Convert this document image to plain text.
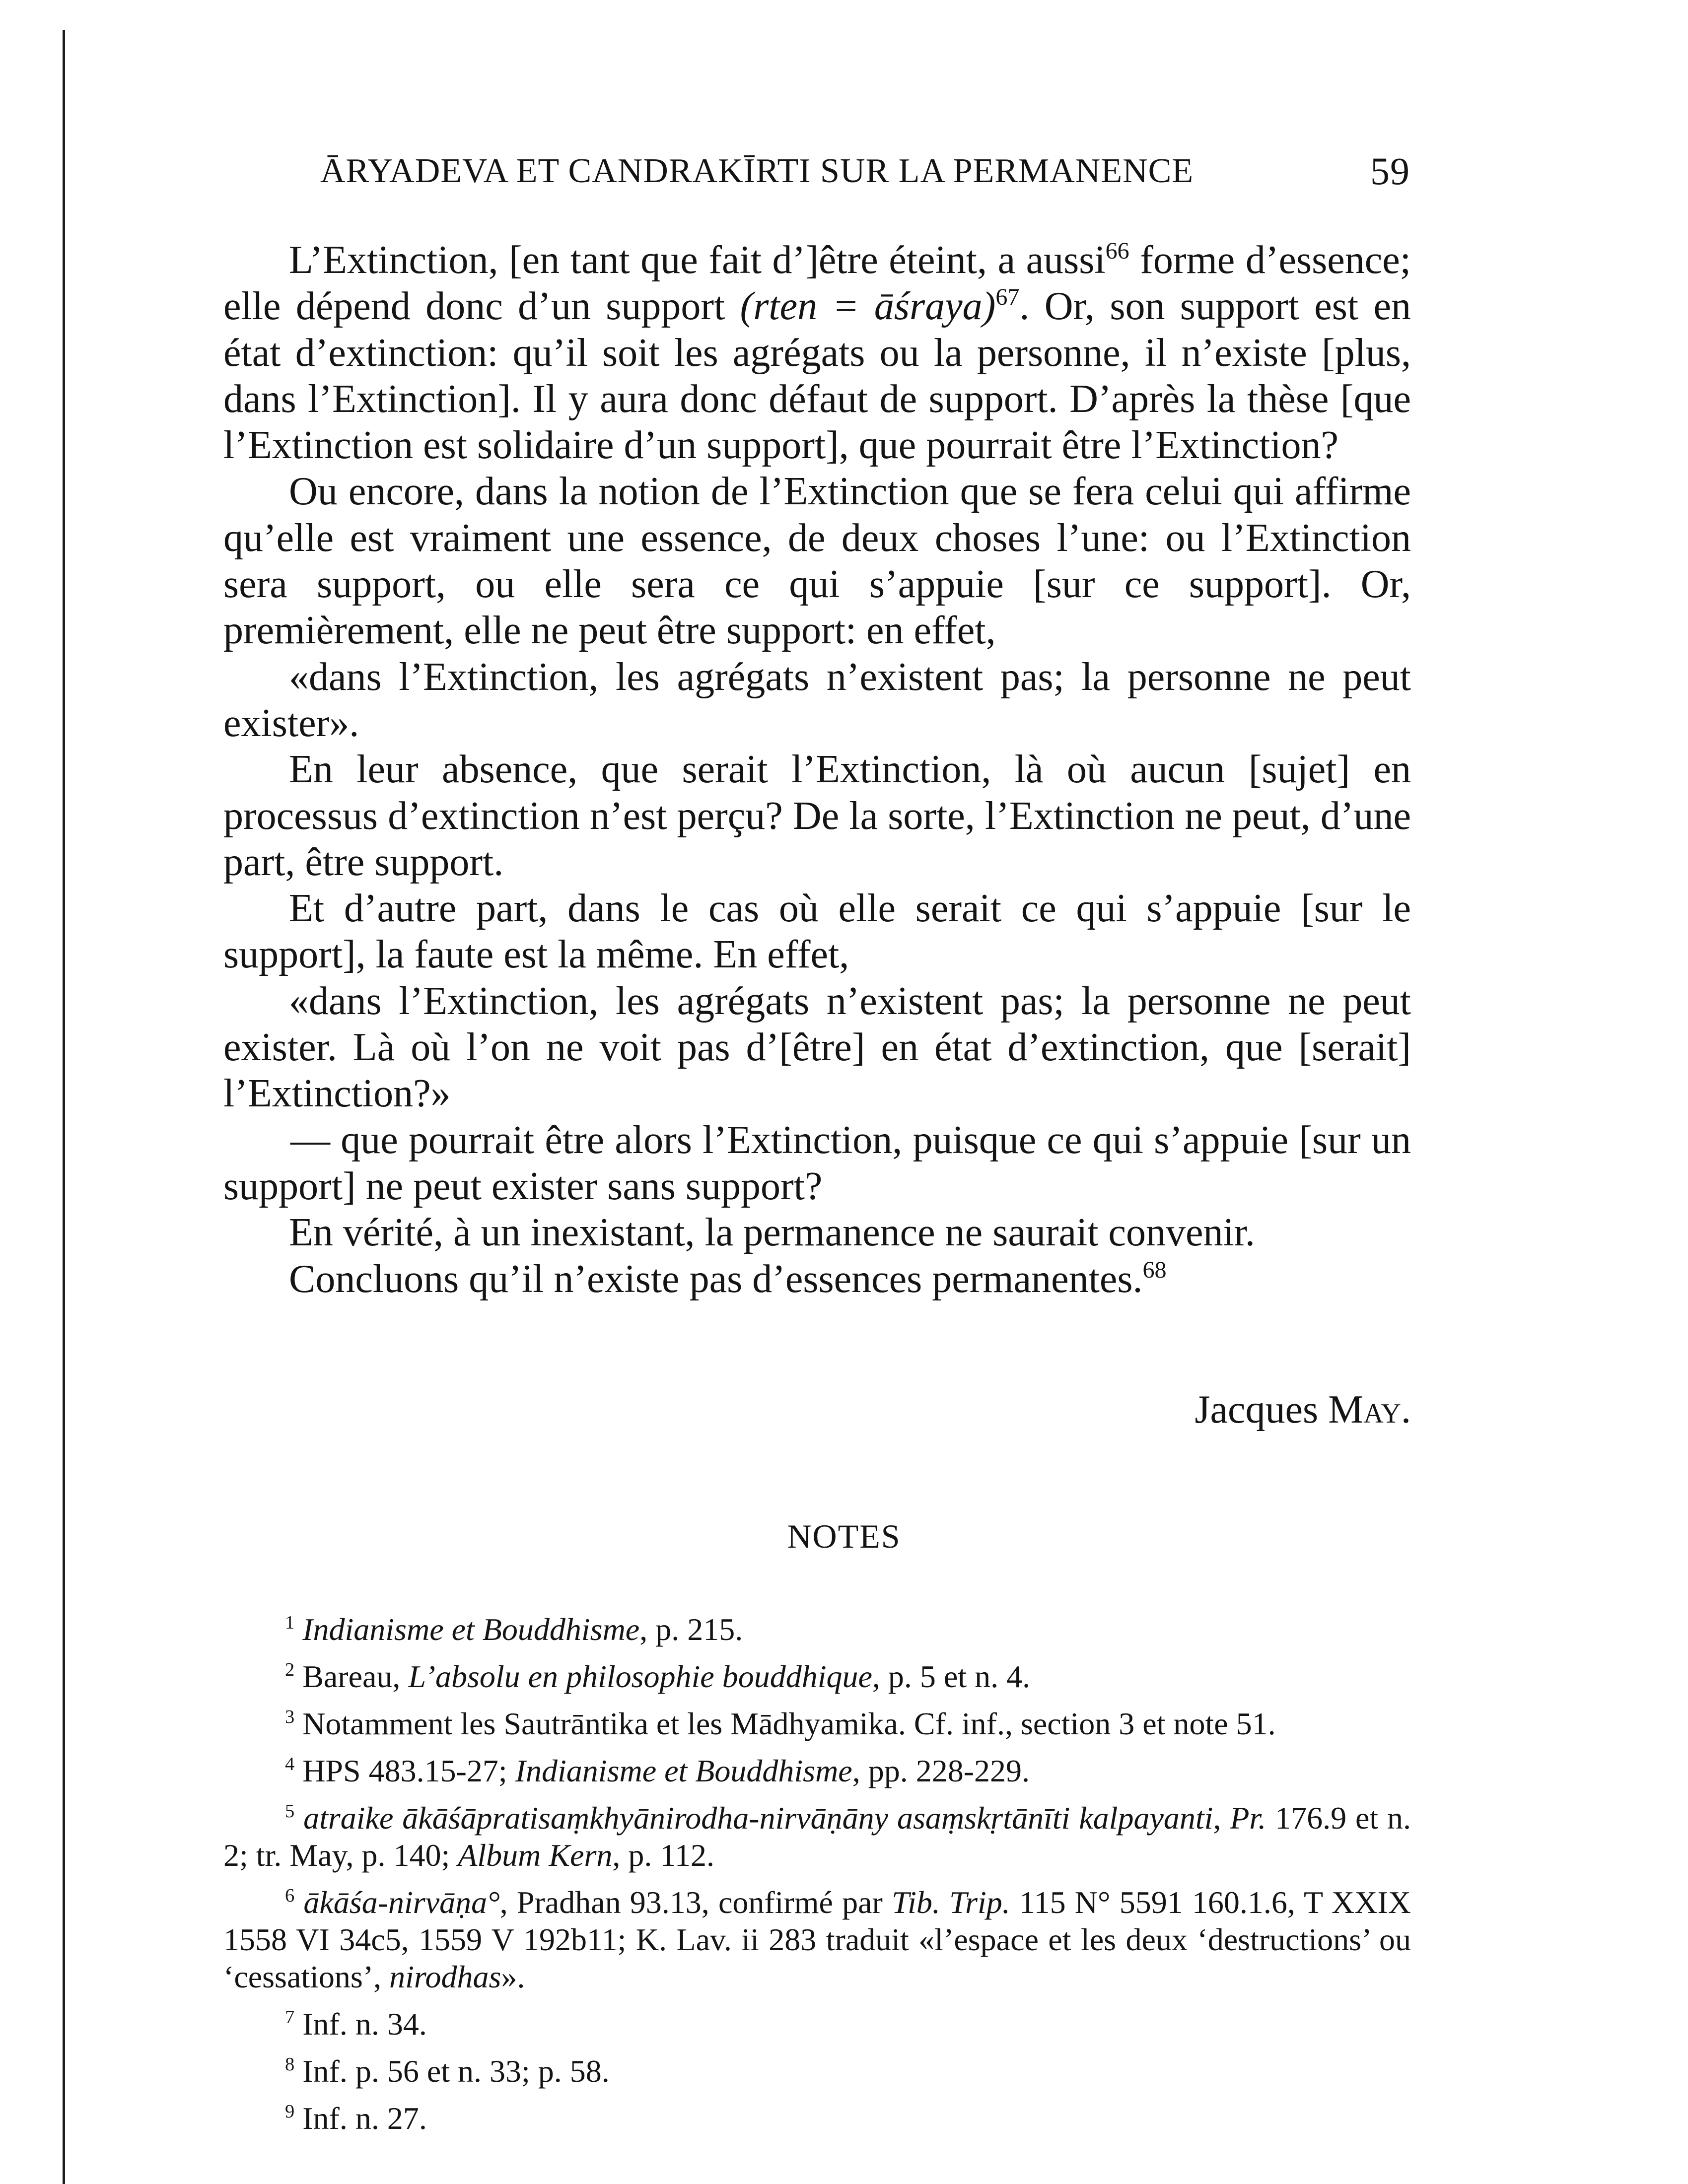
ĀRYADEVA ET CANDRAKĪRTI SUR LA PERMANENCE	59

L’Extinction, [en tant que fait d’]être éteint, a aussi$^{66}$ forme d’essence; elle dépend donc d’un support (rten = āśraya)$^{67}$. Or, son support est en état d’extinction: qu’il soit les agrégats ou la personne, il n’existe [plus, dans l’Extinction]. Il y aura donc défaut de support. D’après la thèse [que l’Extinction est solidaire d’un support], que pourrait être l’Extinction?

Ou encore, dans la notion de l’Extinction que se fera celui qui affirme qu’elle est vraiment une essence, de deux choses l’une: ou l’Extinction sera support, ou elle sera ce qui s’appuie [sur ce support]. Or, premièrement, elle ne peut être support: en effet,

«dans l’Extinction, les agrégats n’existent pas; la personne ne peut exister».

En leur absence, que serait l’Extinction, là où aucun [sujet] en processus d’extinction n’est perçu? De la sorte, l’Extinction ne peut, d’une part, être support.

Et d’autre part, dans le cas où elle serait ce qui s’appuie [sur le support], la faute est la même. En effet,

«dans l’Extinction, les agrégats n’existent pas; la personne ne peut exister. Là où l’on ne voit pas d’[être] en état d’extinction, que [serait] l’Extinction?»

— que pourrait être alors l’Extinction, puisque ce qui s’appuie [sur un support] ne peut exister sans support?

En vérité, à un inexistant, la permanence ne saurait convenir.

Concluons qu’il n’existe pas d’essences permanentes.$^{68}$

Jacques May.
NOTES

$^1$ Indianisme et Bouddhisme, p. 215.

$^2$ Bareau, L’absolu en philosophie bouddhique, p. 5 et n. 4.

$^3$ Notamment les Sautrāntika et les Mādhyamika. Cf. inf., section 3 et note 51.

$^4$ HPS 483.15-27; Indianisme et Bouddhisme, pp. 228-229.

$^5$ atraike ākāśāpratisaṃkhyānirodha-nirvāṇāny asaṃskṛtānīti kalpayanti, Pr. 176.9 et n. 2; tr. May, p. 140; Album Kern, p. 112.

$^6$ ākāśa-nirvāṇa°, Pradhan 93.13, confirmé par Tib. Trip. 115 N° 5591 160.1.6, T XXIX 1558 VI 34c5, 1559 V 192b11; K. Lav. ii 283 traduit «l’espace et les deux ‘destructions’ ou ‘cessations’, nirodhas».

$^7$ Inf. n. 34.

$^8$ Inf. p. 56 et n. 33; p. 58.

$^9$ Inf. n. 27.
